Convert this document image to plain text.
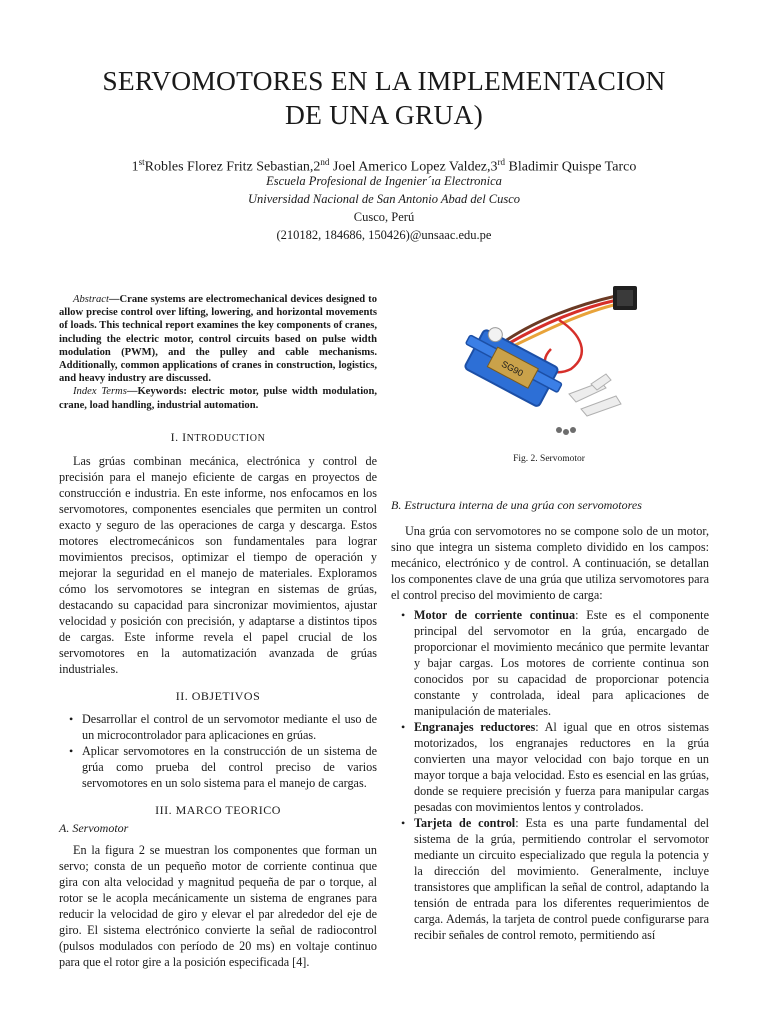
SERVOMOTORES EN LA IMPLEMENTACION
DE UNA GRUA)
1stRobles Florez Fritz Sebastian,2nd Joel Americo Lopez Valdez,3rd Bladimir Quispe Tarco
Escuela Profesional de Ingenier´ıa Electronica
Universidad Nacional de San Antonio Abad del Cusco
Cusco, Perú
(210182, 184686, 150426)@unsaac.edu.pe

Abstract—Crane systems are electromechanical devices designed to allow precise control over lifting, lowering, and horizontal movements of loads. This technical report examines the key components of cranes, including the electric motor, control circuits based on pulse width modulation (PWM), and the pulley and cable mechanisms. Additionally, common applications of cranes in construction, logistics, and heavy industry are discussed.

Index Terms—Keywords: electric motor, pulse width modulation, crane, load handling, industrial automation.

I. INTRODUCTION

Las grúas combinan mecánica, electrónica y control de precisión para el manejo eficiente de cargas en proyectos de construcción e industria. En este informe, nos enfocamos en los servomotores, componentes esenciales que permiten un control exacto y seguro de las operaciones de carga y descarga. Estos motores electromecánicos son fundamentales para lograr movimientos precisos, optimizar el tiempo de operación y mejorar la seguridad en el manejo de materiales. Exploramos cómo los servomotores se integran en sistemas de grúas, destacando su capacidad para sincronizar movimientos, ajustar velocidad y posición con precisión, y adaptarse a distintos tipos de cargas. Este informe revela el papel crucial de los servomotores en la automatización avanzada de grúas industriales.

II. OBJETIVOS
• Desarrollar el control de un servomotor mediante el uso de un microcontrolador para aplicaciones en grúas.
• Aplicar servomotores en la construcción de un sistema de grúa como prueba del control preciso de varios servomotores en un solo sistema para el manejo de cargas.
III. MARCO TEORICO
A. Servomotor

En la figura 2 se muestran los componentes que forman un servo; consta de un pequeño motor de corriente continua que gira con alta velocidad y magnitud pequeña de par o torque, al rotor se le acopla mecánicamente un sistema de engranes para reducir la velocidad de giro y elevar el par alrededor del eje de giro. El sistema electrónico convierte la señal de radiocontrol (pulsos modulados con período de 20 ms) en voltaje continuo para que el rotor gire a la posición especificada [4].

SG90
Fig. 2. Servomotor
B. Estructura interna de una grúa con servomotores

Una grúa con servomotores no se compone solo de un motor, sino que integra un sistema completo dividido en los campos: mecánico, electrónico y de control. A continuación, se detallan los componentes clave de una grúa que utiliza servomotores para el control preciso del movimiento de carga:

• Motor de corriente continua: Este es el componente principal del servomotor en la grúa, encargado de proporcionar el movimiento mecánico que permite levantar y bajar cargas. Los motores de corriente continua son conocidos por su capacidad de proporcionar potencia constante y controlada, ideal para aplicaciones de manipulación de materiales.
• Engranajes reductores: Al igual que en otros sistemas motorizados, los engranajes reductores en la grúa convierten una mayor velocidad con bajo torque en un mayor torque a baja velocidad. Esto es esencial en las grúas, donde se requiere precisión y fuerza para manipular cargas pesadas con movimientos lentos y controlados.
• Tarjeta de control: Esta es una parte fundamental del sistema de la grúa, permitiendo controlar el servomotor mediante un circuito especializado que regula la potencia y la dirección del movimiento. Generalmente, incluye transistores que amplifican la señal de control, adaptando la tensión de entrada para los diferentes requerimientos de carga. Además, la tarjeta de control puede configurarse para recibir señales de control remoto, permitiendo así
